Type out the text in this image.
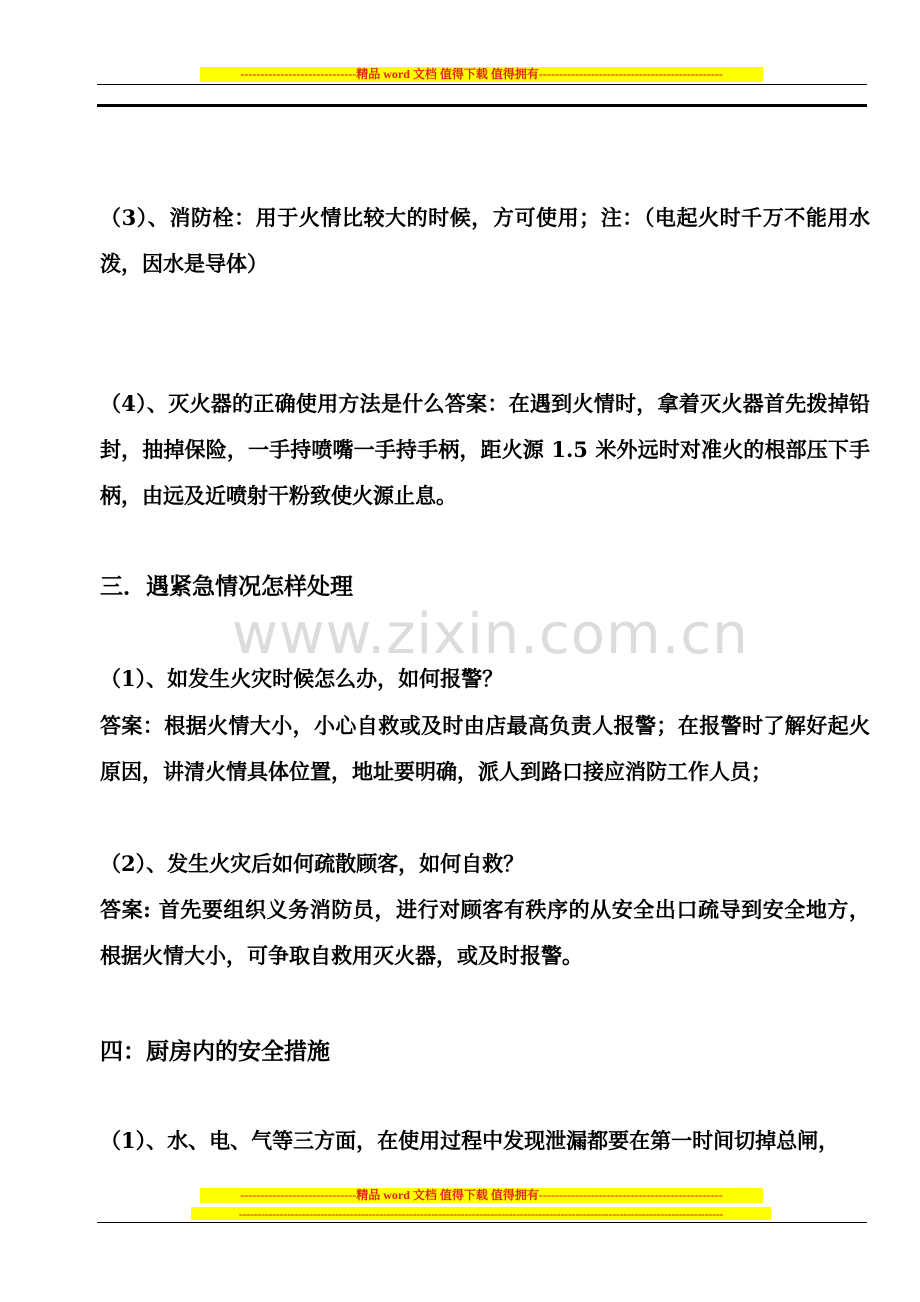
-----------------------------精品 word 文档 值得下载 值得拥有----------------------------------------------

（3）、消防栓：用于火情比较大的时候，方可使用；注：（电起火时千万不能用水泼，因水是导体）

（4）、灭火器的正确使用方法是什么答案：在遇到火情时，拿着灭火器首先拨掉铅封，抽掉保险，一手持喷嘴一手持手柄，距火源 1.5 米外远时对准火的根部压下手柄，由远及近喷射干粉致使火源止息。

三．遇紧急情况怎样处理
www.zixin.com.cn

（1）、如发生火灾时候怎么办，如何报警？

答案：根据火情大小，小心自救或及时由店最高负责人报警；在报警时了解好起火原因，讲清火情具体位置，地址要明确，派人到路口接应消防工作人员；

（2）、发生火灾后如何疏散顾客，如何自救？

答案: 首先要组织义务消防员，进行对顾客有秩序的从安全出口疏导到安全地方，根据火情大小，可争取自救用灭火器，或及时报警。

四：厨房内的安全措施

（1）、水、电、气等三方面，在使用过程中发现泄漏都要在第一时间切掉总闸，

-----------------------------精品 word 文档 值得下载 值得拥有----------------------------------------------
-----------------------------------------------------------------------------------------------------------------------------------
